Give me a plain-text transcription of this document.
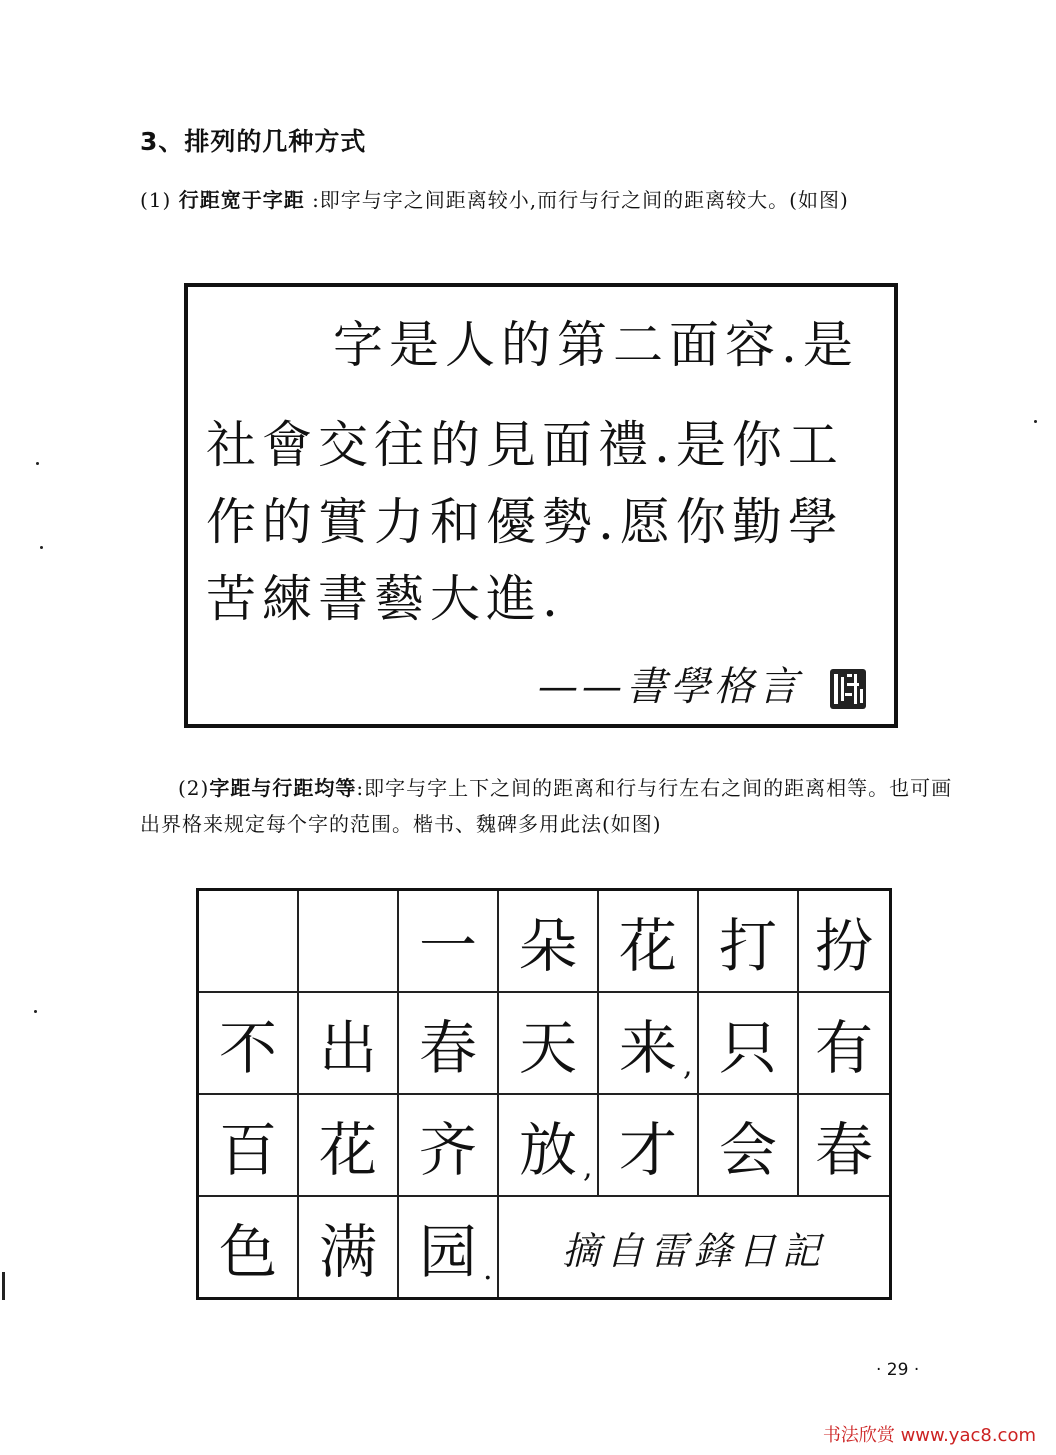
3、排列的几种方式
(1) 行距宽于字距 :即字与字之间距离较小,而行与行之间的距离较大。(如图)
字是人的第二面容.是
社會交往的見面禮.是你工
作的實力和優勢.愿你勤學
苦練書藝大進.
——書學格言
(2)字距与行距均等:即字与字上下之间的距离和行与行左右之间的距离相等。也可画出界格来规定每个字的范围。楷书、魏碑多用此法(如图)
一 朵 花 打 扮
不 出 春 天 来 只 有
百 花 齐 放 才 会 春
色 满 园	摘自雷鋒日記
,
,
.
· 29 ·
书法欣赏 www.yac8.com
